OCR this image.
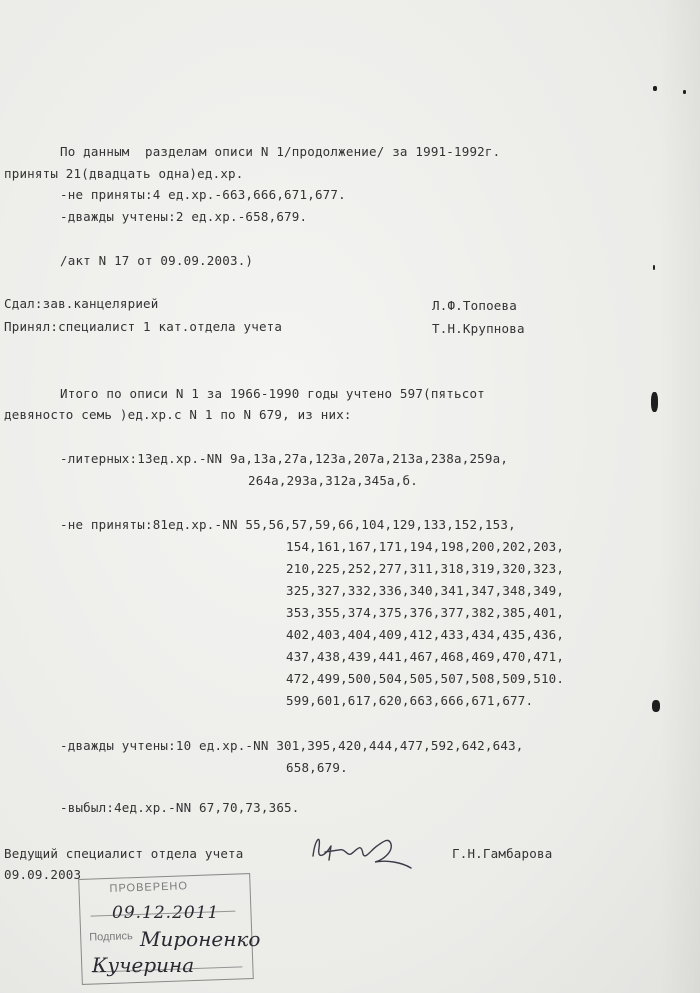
По данным  разделам описи N 1/продолжение/ за 1991-1992г.
приняты 21(двадцать одна)ед.хр.
-не приняты:4 ед.хр.-663,666,671,677.
-дважды учтены:2 ед.хр.-658,679.
/акт N 17 от 09.09.2003.)
Сдал:зав.канцелярией	Л.Ф.Топоева
Принял:специалист 1 кат.отдела учета	Т.Н.Крупнова
Итого по описи N 1 за 1966-1990 годы учтено 597(пятьсот
девяносто семь )ед.хр.с N 1 по N 679, из них:
-литерных:13ед.хр.-NN 9а,13а,27а,123а,207а,213а,238а,259а,
264а,293а,312а,345а,б.
-не приняты:81ед.хр.-NN 55,56,57,59,66,104,129,133,152,153,
154,161,167,171,194,198,200,202,203,
210,225,252,277,311,318,319,320,323,
325,327,332,336,340,341,347,348,349,
353,355,374,375,376,377,382,385,401,
402,403,404,409,412,433,434,435,436,
437,438,439,441,467,468,469,470,471,
472,499,500,504,505,507,508,509,510.
599,601,617,620,663,666,671,677.
-дважды учтены:10 ед.хр.-NN 301,395,420,444,477,592,642,643,
658,679.
-выбыл:4ед.хр.-NN 67,70,73,365.
Ведущий специалист отдела учета
09.09.2003
Г.Н.Гамбарова
ПРОВЕРЕНО
Подпись
09.12.2011
Мироненко
Кучерина
